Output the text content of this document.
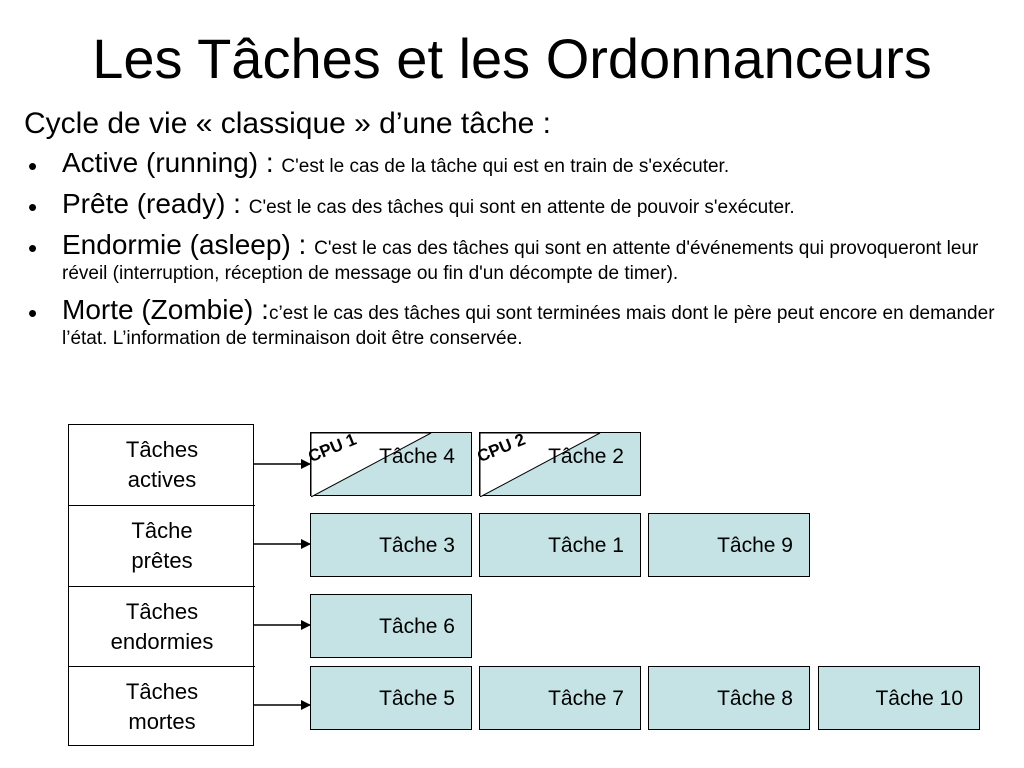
Les Tâches et les Ordonnanceurs
Cycle de vie « classique » d’une tâche :
• Active (running) : C'est le cas de la tâche qui est en train de s'exécuter.
• Prête (ready) : C'est le cas des tâches qui sont en attente de pouvoir s'exécuter.
• Endormie (asleep) : C'est le cas des tâches qui sont en attente d'événements qui provoqueront leur réveil (interruption, réception de message ou fin d'un décompte de timer).
• Morte (Zombie) :c’est le cas des tâches qui sont terminées mais dont le père peut encore en demander l’état. L’information de terminaison doit être conservée.
Tâches
actives
Tâche
prêtes
Tâches
endormies
Tâches
mortes
CPU 1 Tâche 4 CPU 2 Tâche 2
Tâche 3	Tâche 1	Tâche 9
Tâche 6
Tâche 5	Tâche 7	Tâche 8	Tâche 10
